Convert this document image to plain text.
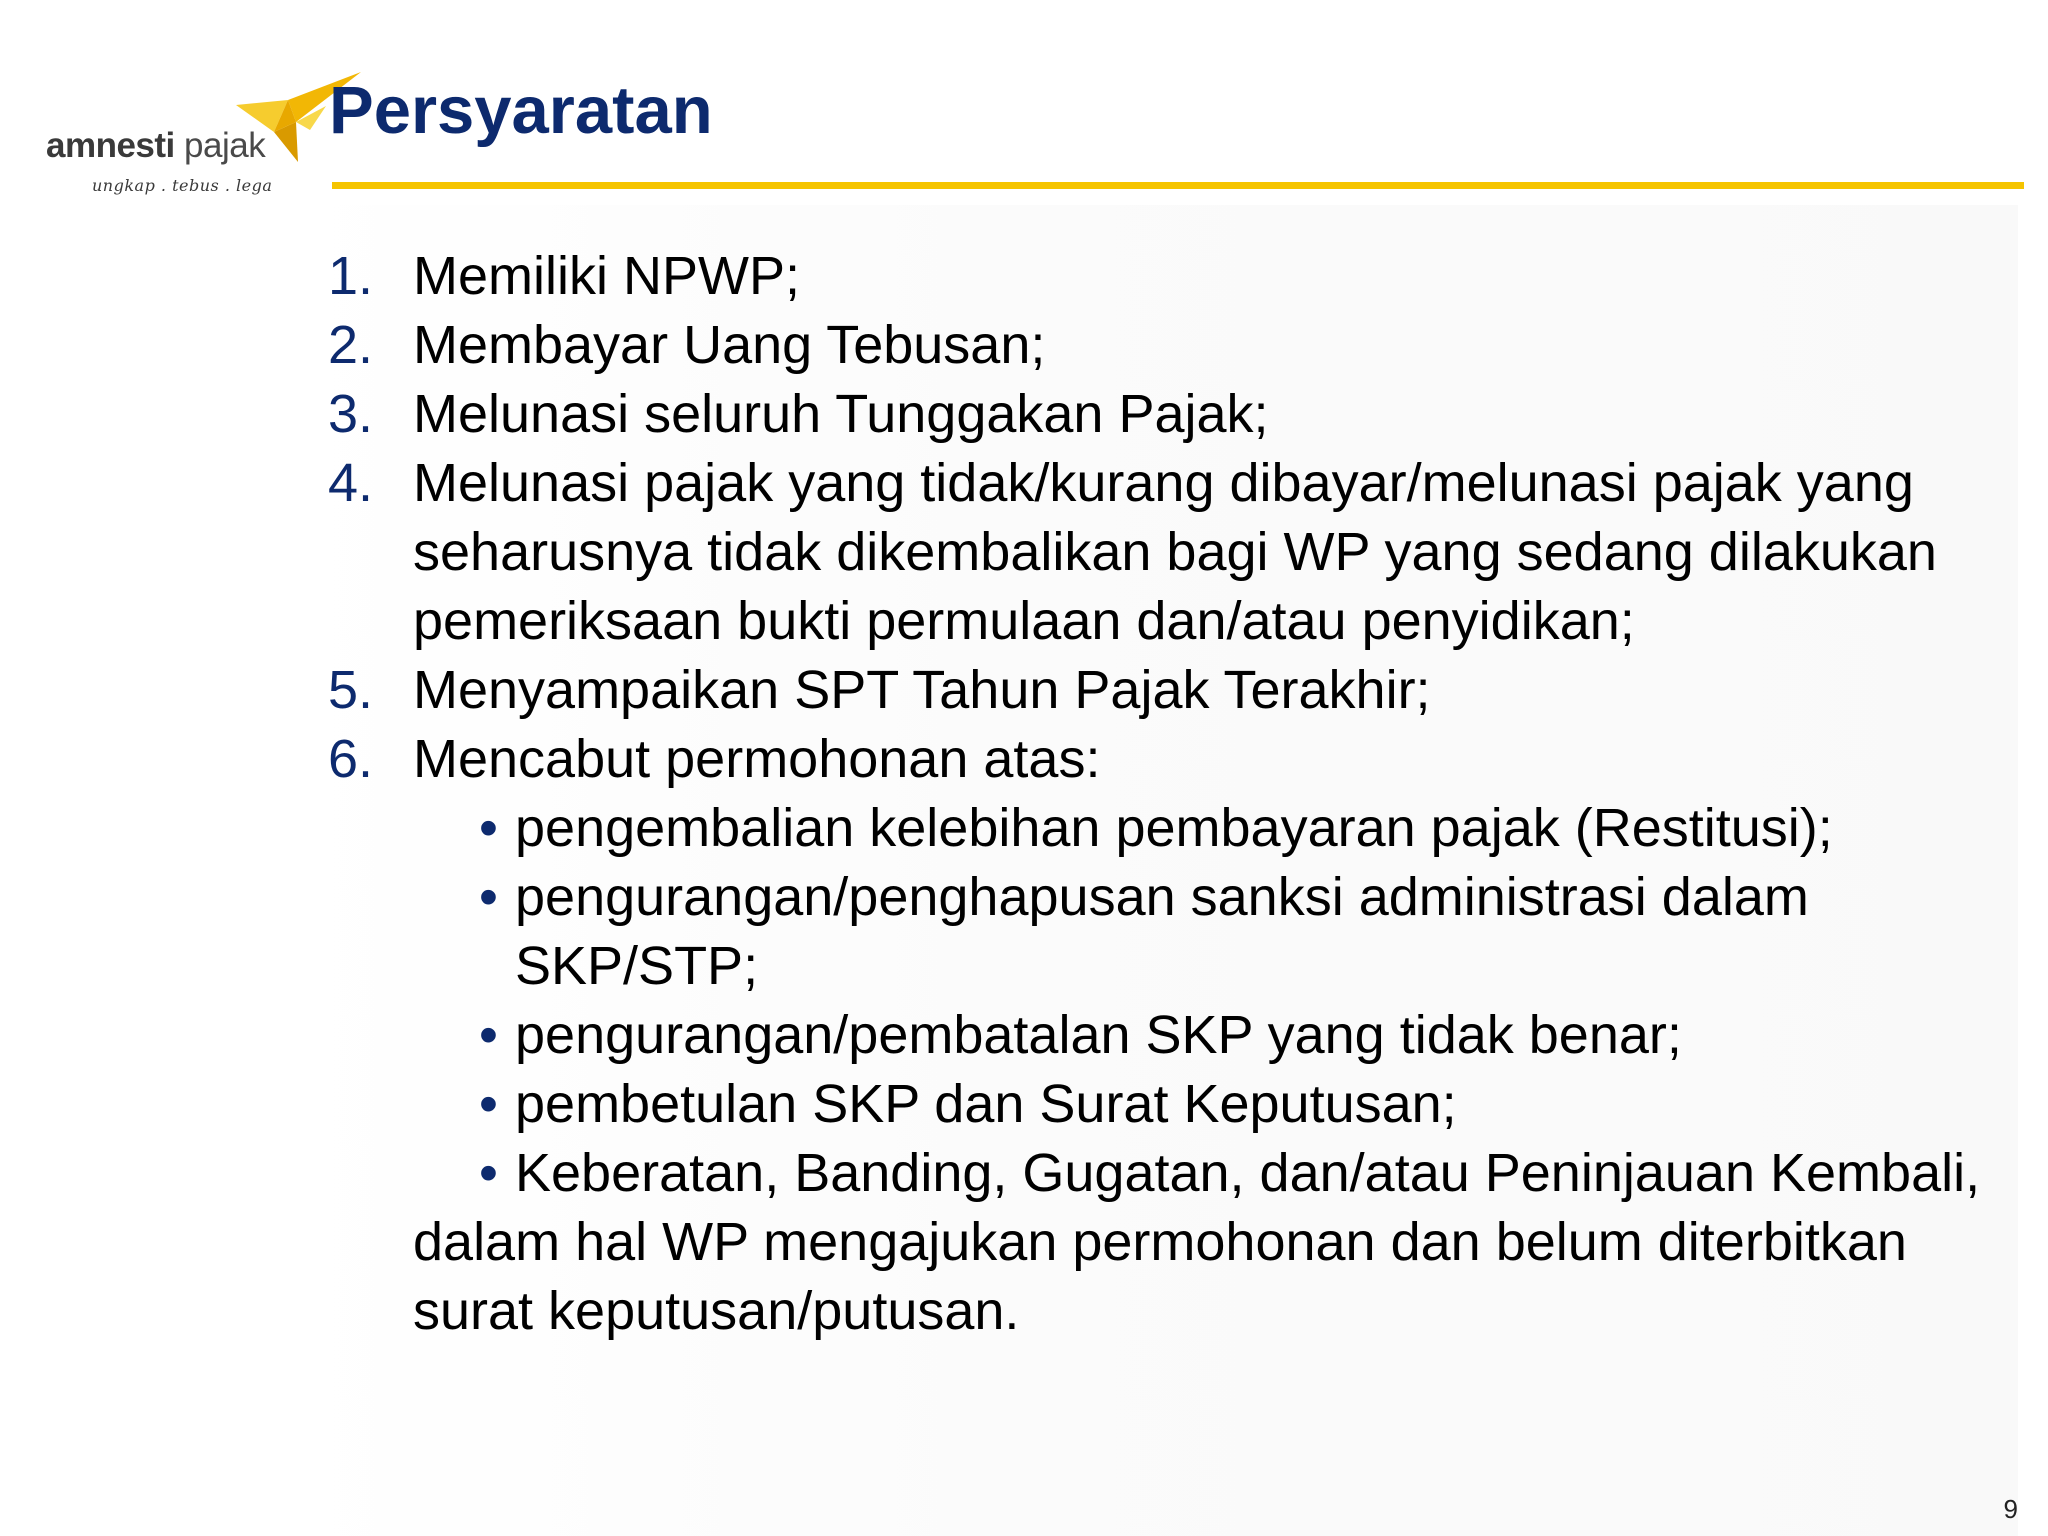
amnesti pajak
ungkap . tebus . lega
Persyaratan
1. Memiliki NPWP;
2. Membayar Uang Tebusan;
3. Melunasi seluruh Tunggakan Pajak;
4. Melunasi pajak yang tidak/kurang dibayar/melunasi pajak yang seharusnya tidak dikembalikan bagi WP yang sedang dilakukan pemeriksaan bukti permulaan dan/atau penyidikan;
5. Menyampaikan SPT Tahun Pajak Terakhir;
6. Mencabut permohonan atas:
• pengembalian kelebihan pembayaran pajak (Restitusi);
• pengurangan/penghapusan sanksi administrasi dalam SKP/STP;
• pengurangan/pembatalan SKP yang tidak benar;
• pembetulan SKP dan Surat Keputusan;
• Keberatan, Banding, Gugatan, dan/atau Peninjauan Kembali,
dalam hal WP mengajukan permohonan dan belum diterbitkan surat keputusan/putusan.
9
